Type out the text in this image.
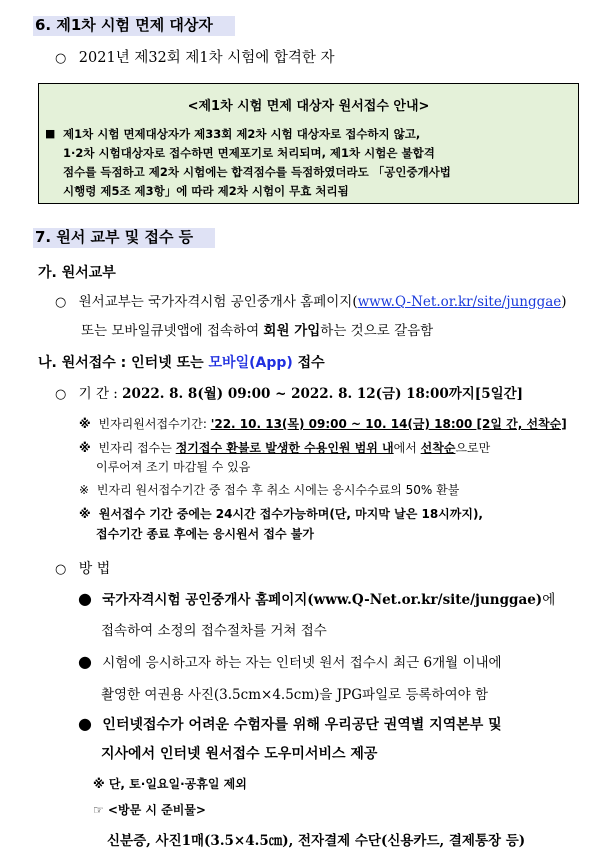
6. 제1차 시험 면제 대상자
○ 2021년 제32회 제1차 시험에 합격한 자
<제1차 시험 면제 대상자 원서접수 안내>
■ 제1차 시험 면제대상자가 제33회 제2차 시험 대상자로 접수하지 않고,
1·2차 시험대상자로 접수하면 면제포기로 처리되며, 제1차 시험은 불합격
점수를 득점하고 제2차 시험에는 합격점수를 득점하였더라도 「공인중개사법
시행령 제5조 제3항」에 따라 제2차 시험이 무효 처리됨
7. 원서 교부 및 접수 등
가. 원서교부
○ 원서교부는 국가자격시험 공인중개사 홈페이지(www.Q-Net.or.kr/site/junggae)
또는 모바일큐넷앱에 접속하여 회원 가입하는 것으로 갈음함
나. 원서접수 : 인터넷 또는 모바일(App) 접수
○ 기 간 : 2022. 8. 8(월) 09:00 ~ 2022. 8. 12(금) 18:00까지[5일간]
※ 빈자리원서접수기간: '22. 10. 13(목) 09:00 ~ 10. 14(금) 18:00 [2일 간, 선착순]
※ 빈자리 접수는 정기접수 환불로 발생한 수용인원 범위 내에서 선착순으로만
이루어져 조기 마감될 수 있음
※ 빈자리 원서접수기간 중 접수 후 취소 시에는 응시수수료의 50% 환불
※ 원서접수 기간 중에는 24시간 접수가능하며(단, 마지막 날은 18시까지),
접수기간 종료 후에는 응시원서 접수 불가
○ 방 법
● 국가자격시험 공인중개사 홈페이지(www.Q-Net.or.kr/site/junggae)에
접속하여 소정의 접수절차를 거쳐 접수
● 시험에 응시하고자 하는 자는 인터넷 원서 접수시 최근 6개월 이내에
촬영한 여권용 사진(3.5cm×4.5cm)을 JPG파일로 등록하여야 함
● 인터넷접수가 어려운 수험자를 위해 우리공단 권역별 지역본부 및
지사에서 인터넷 원서접수 도우미서비스 제공
※ 단, 토·일요일·공휴일 제외
☞ <방문 시 준비물>
신분증, 사진1매(3.5×4.5㎝), 전자결제 수단(신용카드, 결제통장 등)
